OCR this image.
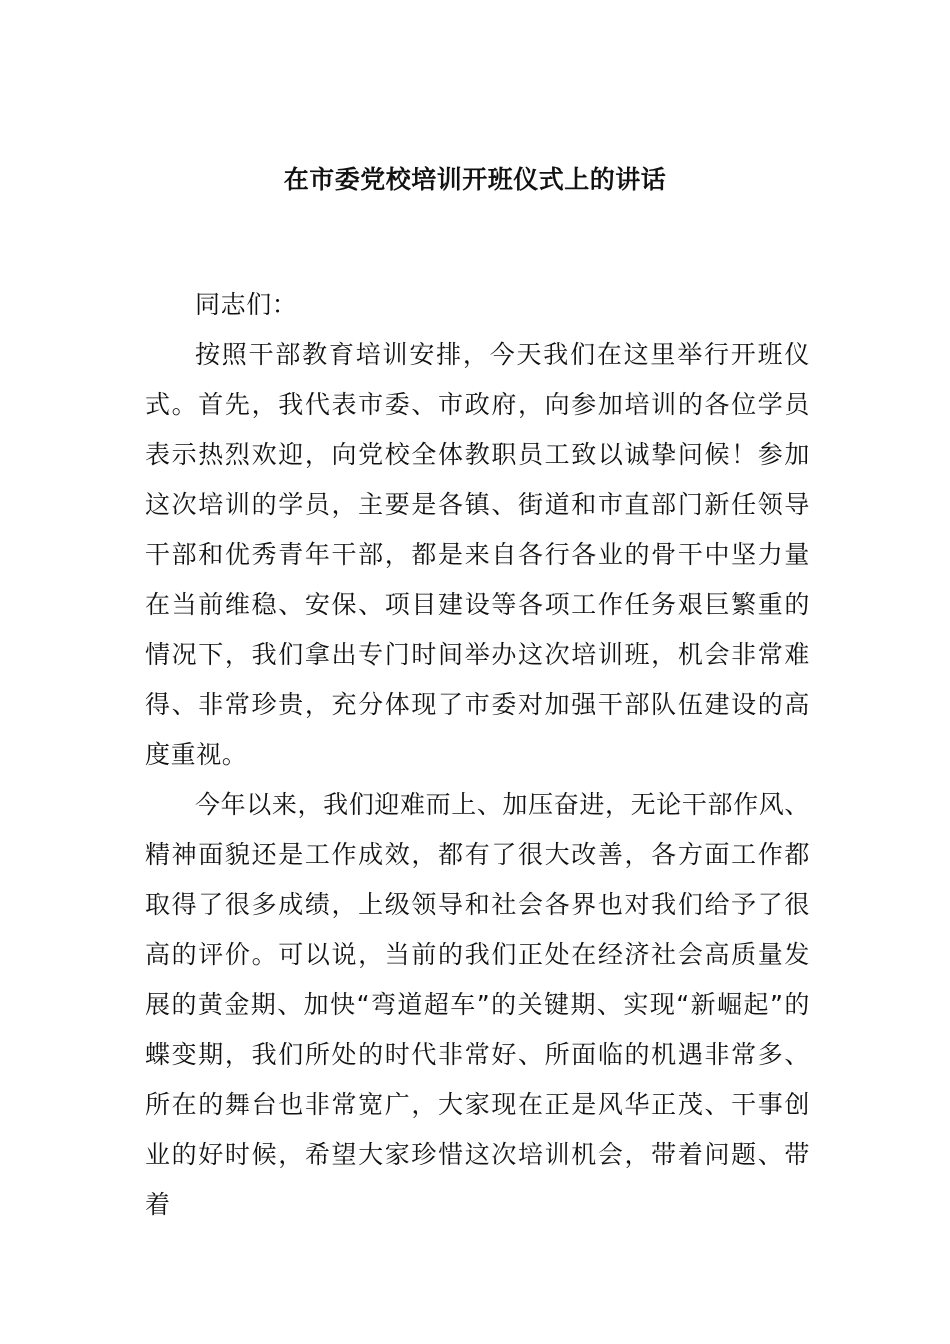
在市委党校培训开班仪式上的讲话

同志们：

按照干部教育培训安排，今天我们在这里举行开班仪式。首先，我代表市委、市政府，向参加培训的各位学员表示热烈欢迎，向党校全体教职员工致以诚挚问候！参加这次培训的学员，主要是各镇、街道和市直部门新任领导干部和优秀青年干部，都是来自各行各业的骨干中坚力量在当前维稳、安保、项目建设等各项工作任务艰巨繁重的情况下，我们拿出专门时间举办这次培训班，机会非常难得、非常珍贵，充分体现了市委对加强干部队伍建设的高度重视。

今年以来，我们迎难而上、加压奋进，无论干部作风、精神面貌还是工作成效，都有了很大改善，各方面工作都取得了很多成绩，上级领导和社会各界也对我们给予了很高的评价。可以说，当前的我们正处在经济社会高质量发展的黄金期、加快“弯道超车”的关键期、实现“新崛起”的蝶变期，我们所处的时代非常好、所面临的机遇非常多、所在的舞台也非常宽广，大家现在正是风华正茂、干事创业的好时候，希望大家珍惜这次培训机会，带着问题、带着
